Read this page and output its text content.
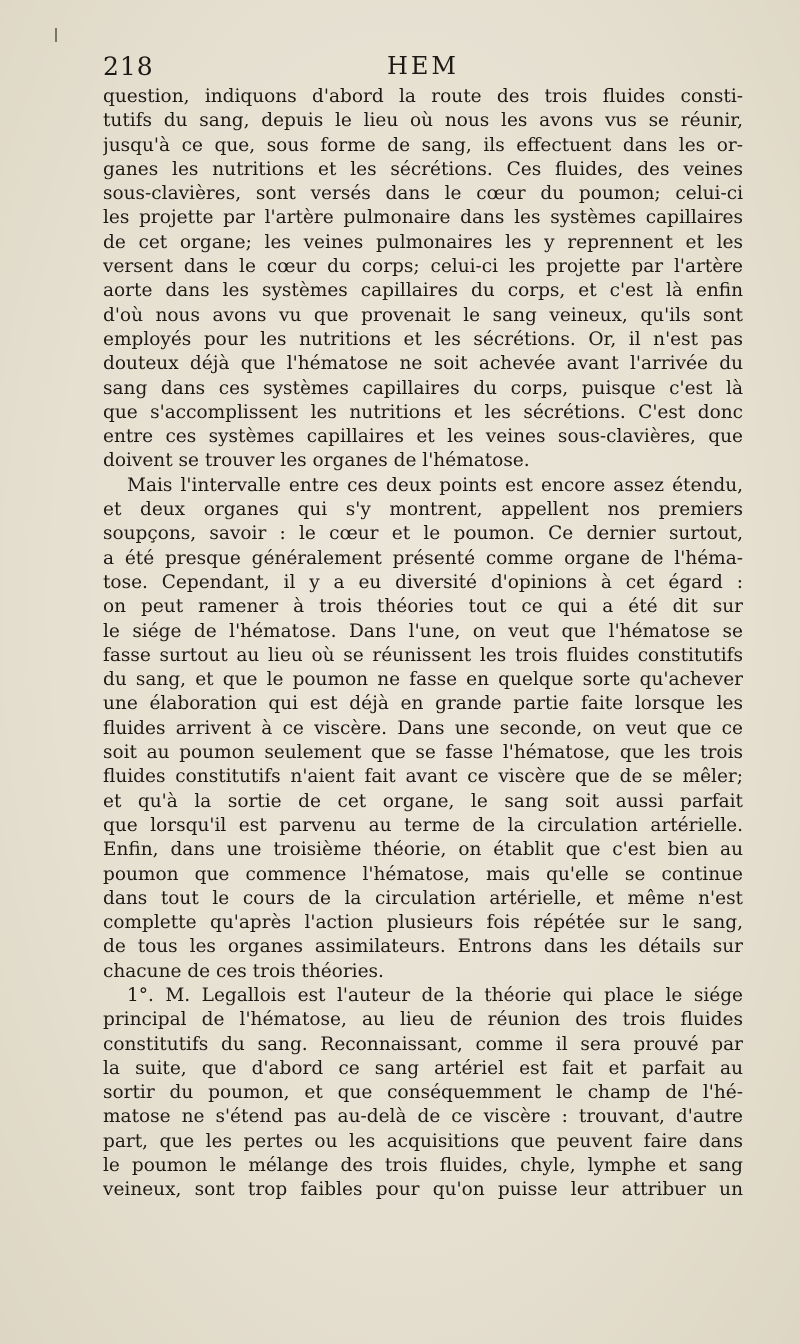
218	HEM
question, indiquons d'abord la route des trois fluides consti-
tutifs du sang, depuis le lieu où nous les avons vus se réunir,
jusqu'à ce que, sous forme de sang, ils effectuent dans les or-
ganes les nutritions et les sécrétions. Ces fluides, des veines
sous-clavières, sont versés dans le cœur du poumon; celui-ci
les projette par l'artère pulmonaire dans les systèmes capillaires
de cet organe; les veines pulmonaires les y reprennent et les
versent dans le cœur du corps; celui-ci les projette par l'artère
aorte dans les systèmes capillaires du corps, et c'est là enfin
d'où nous avons vu que provenait le sang veineux, qu'ils sont
employés pour les nutritions et les sécrétions. Or, il n'est pas
douteux déjà que l'hématose ne soit achevée avant l'arrivée du
sang dans ces systèmes capillaires du corps, puisque c'est là
que s'accomplissent les nutritions et les sécrétions. C'est donc
entre ces systèmes capillaires et les veines sous-clavières, que
doivent se trouver les organes de l'hématose.
Mais l'intervalle entre ces deux points est encore assez étendu,
et deux organes qui s'y montrent, appellent nos premiers
soupçons, savoir : le cœur et le poumon. Ce dernier surtout,
a été presque généralement présenté comme organe de l'héma-
tose. Cependant, il y a eu diversité d'opinions à cet égard :
on peut ramener à trois théories tout ce qui a été dit sur
le siége de l'hématose. Dans l'une, on veut que l'hématose se
fasse surtout au lieu où se réunissent les trois fluides constitutifs
du sang, et que le poumon ne fasse en quelque sorte qu'achever
une élaboration qui est déjà en grande partie faite lorsque les
fluides arrivent à ce viscère. Dans une seconde, on veut que ce
soit au poumon seulement que se fasse l'hématose, que les trois
fluides constitutifs n'aient fait avant ce viscère que de se mêler;
et qu'à la sortie de cet organe, le sang soit aussi parfait
que lorsqu'il est parvenu au terme de la circulation artérielle.
Enfin, dans une troisième théorie, on établit que c'est bien au
poumon que commence l'hématose, mais qu'elle se continue
dans tout le cours de la circulation artérielle, et même n'est
complette qu'après l'action plusieurs fois répétée sur le sang,
de tous les organes assimilateurs. Entrons dans les détails sur
chacune de ces trois théories.
1°. M. Legallois est l'auteur de la théorie qui place le siége
principal de l'hématose, au lieu de réunion des trois fluides
constitutifs du sang. Reconnaissant, comme il sera prouvé par
la suite, que d'abord ce sang artériel est fait et parfait au
sortir du poumon, et que conséquemment le champ de l'hé-
matose ne s'étend pas au-delà de ce viscère : trouvant, d'autre
part, que les pertes ou les acquisitions que peuvent faire dans
le poumon le mélange des trois fluides, chyle, lymphe et sang
veineux, sont trop faibles pour qu'on puisse leur attribuer un
